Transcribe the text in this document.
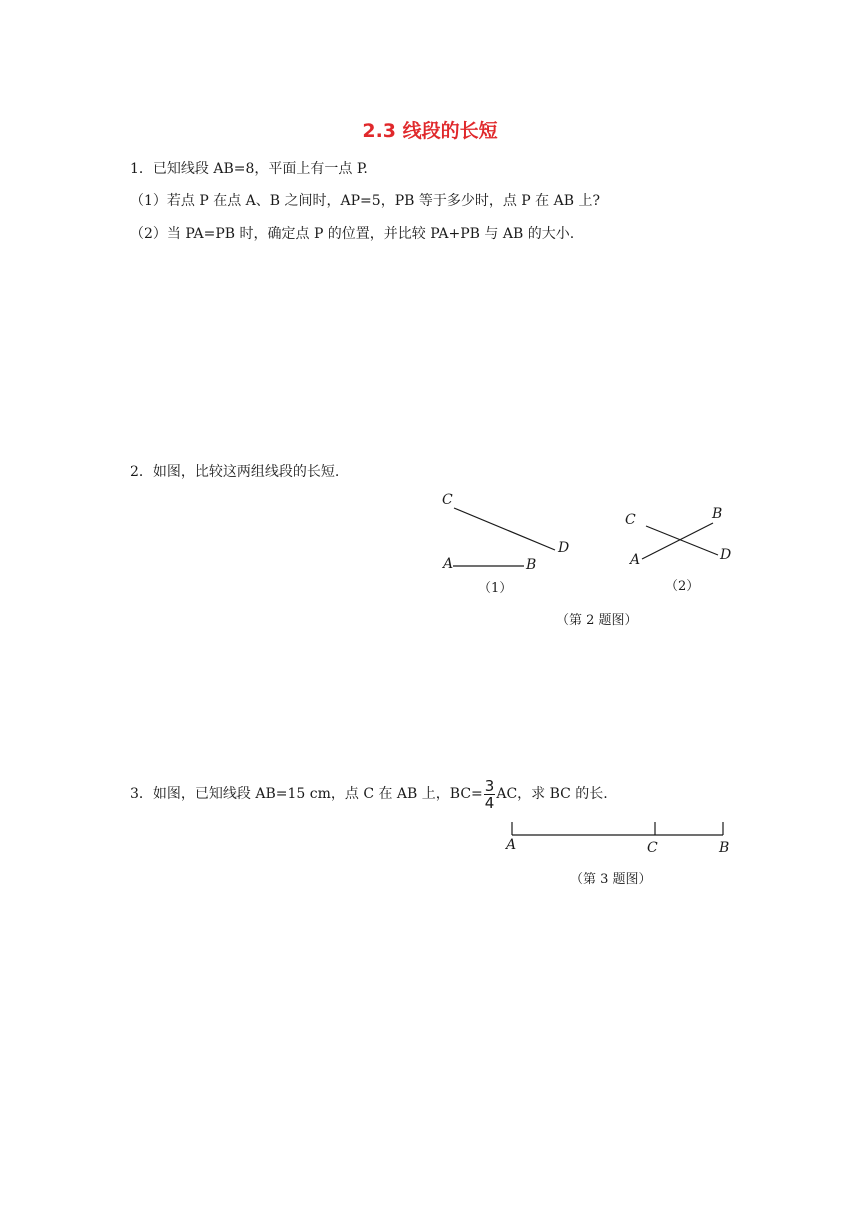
2.3 线段的长短
1．已知线段 AB=8，平面上有一点 P.
（1）若点 P 在点 A、B 之间时，AP=5，PB 等于多少时，点 P 在 AB 上?
（2）当 PA=PB 时，确定点 P 的位置，并比较 PA+PB 与 AB 的大小.
2．如图，比较这两组线段的长短.
C
D
A	B
（1）
C	B
A	D
（2）
（第 2 题图）
3．如图，已知线段 AB=15 cm，点 C 在 AB 上，$BC= \frac{3}{4}$ AC，求 BC 的长.
A	C	B
（第 3 题图）
